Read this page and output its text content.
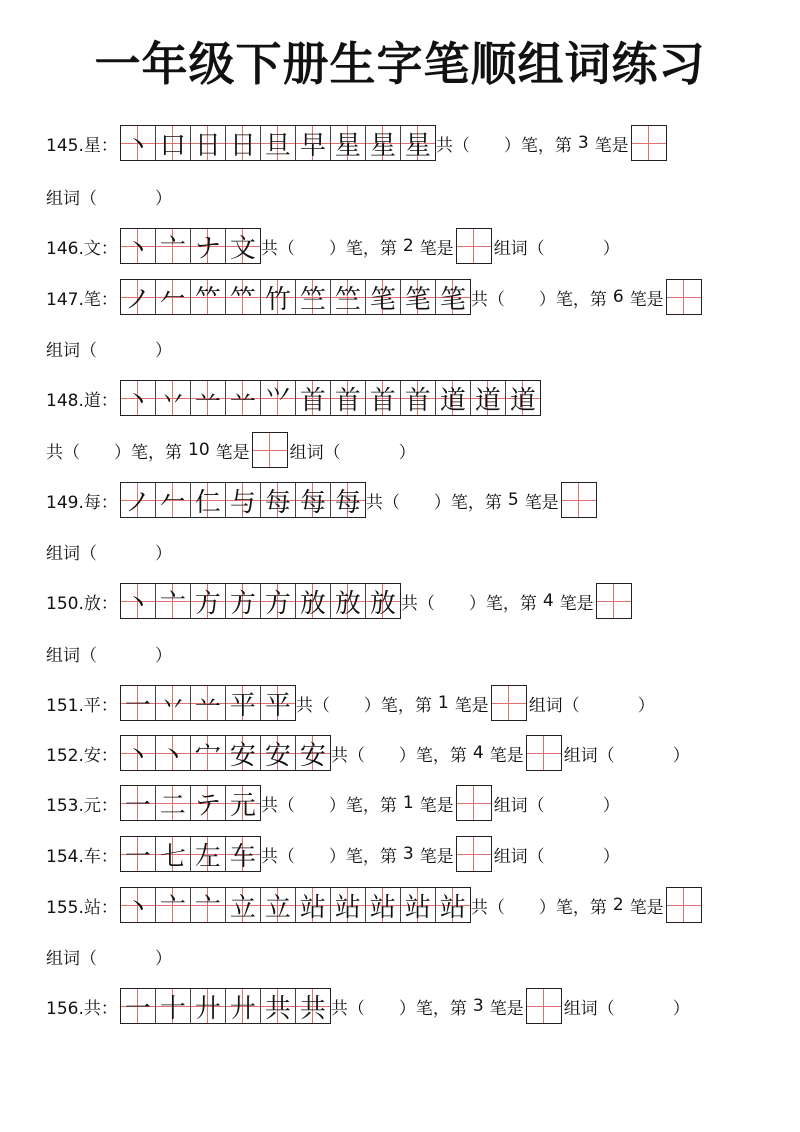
一年级下册生字笔顺组词练习
145.星： 丶 口 日 日 旦 早 星 星 星 共（ ）笔，第 3 笔是
组词（	）
146.文： 丶 亠 ナ 文 共（ ）笔，第 2 笔是 组词（	）
147.笔： ノ 𠂉 𥫗 𥫗 竹 竺 竺 笔 笔 笔 共（ ）笔，第 6 笔是
组词（	）
148.道： 丶 丷 䒑 䒑 ⺍ 首 首 首 首 道 道 道
共（ ）笔，第 10 笔是 组词（	）
149.每： ノ 𠂉 仁 与 每 每 每 共（ ）笔，第 5 笔是
组词（	）
150.放： 丶 亠 方 方 方 放 放 放 共（ ）笔，第 4 笔是
组词（	）
151.平： 一 丷 䒑 平 平 共（ ）笔，第 1 笔是 组词（	）
152.安： 丶 丶 宀 安 安 安 共（ ）笔，第 4 笔是 组词（	）
153.元： 一 二 テ 元 共（ ）笔，第 1 笔是 组词（	）
154.车： 一 七 左 车 共（ ）笔，第 3 笔是 组词（	）
155.站： 丶 亠 亠 立 立 站 站 站 站 站 共（ ）笔，第 2 笔是
组词（	）
156.共： 一 十 廾 廾 共 共 共（ ）笔，第 3 笔是 组词（	）
